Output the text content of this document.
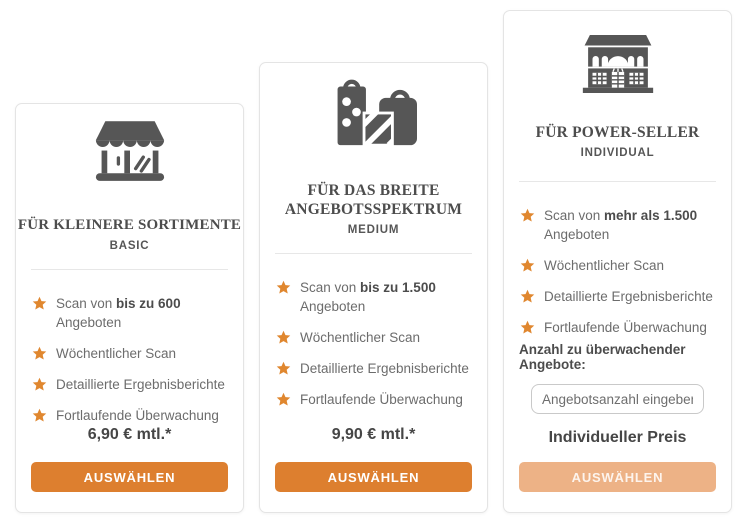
FÜR KLEINERE SORTIMENTE
BASIC
Scan von bis zu 600 Angeboten
Wöchentlicher Scan
Detaillierte Ergebnisberichte
Fortlaufende Überwachung
6,90 € mtl.*
AUSWÄHLEN
FÜR DAS BREITE ANGEBOTSSPEKTRUM
MEDIUM
Scan von bis zu 1.500 Angeboten
Wöchentlicher Scan
Detaillierte Ergebnisberichte
Fortlaufende Überwachung
9,90 € mtl.*
AUSWÄHLEN
FÜR POWER-SELLER
INDIVIDUAL
Scan von mehr als 1.500 Angeboten
Wöchentlicher Scan
Detaillierte Ergebnisberichte
Fortlaufende Überwachung
Anzahl zu überwachender Angebote:
Angebotsanzahl eingeben
Individueller Preis
AUSWÄHLEN
